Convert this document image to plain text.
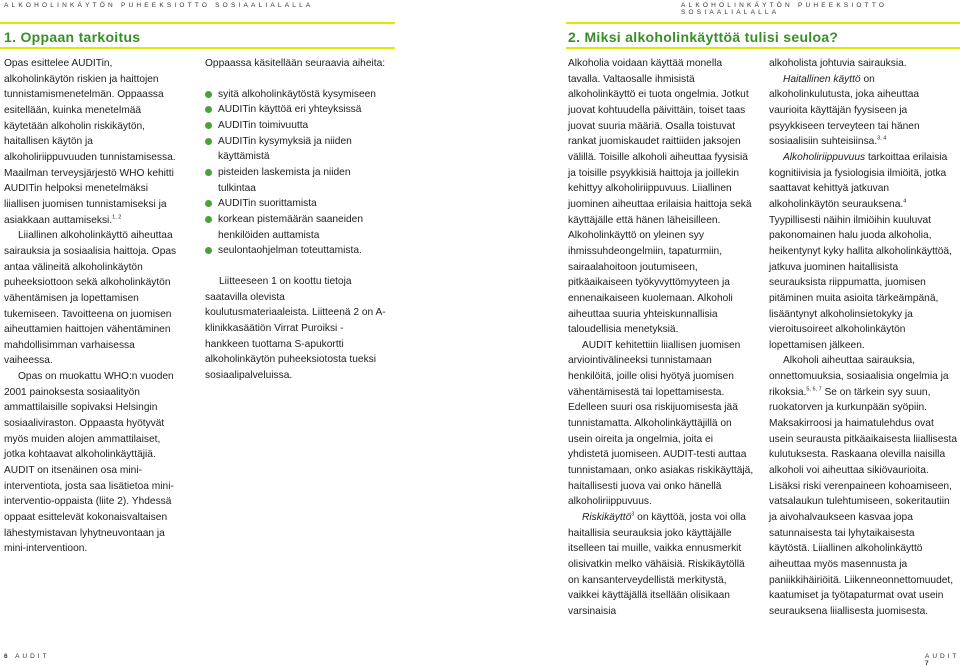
ALKOHOLINKÄYTÖN PUHEEKSIOTTO SOSIAALIALALLA	ALKOHOLINKÄYTÖN PUHEEKSIOTTO SOSIAALIALALLA
1. Oppaan tarkoitus	2. Miksi alkoholinkäyttöä tulisi seuloa?

Opas esittelee AUDITin, alkoholinkäytön riskien ja haittojen tunnistamismenetelmän. Oppaassa esitellään, kuinka menetelmää käytetään alkoholin riskikäytön, haitallisen käytön ja alkoholiriippuvuuden tunnistamisessa. Maailman terveysjärjestö WHO kehitti AUDITin helpoksi menetelmäksi liiallisen juomisen tunnistamiseksi ja asiakkaan auttamiseksi.$^{1, 2}$

Liiallinen alkoholinkäyttö aiheuttaa sairauksia ja sosiaalisia haittoja. Opas antaa välineitä alkoholinkäytön puheeksiottoon sekä alkoholinkäytön vähentämisen ja lopettamisen tukemiseen. Tavoitteena on juomisen aiheuttamien haittojen vähentäminen mahdollisimman varhaisessa vaiheessa.

Opas on muokattu WHO:n vuoden 2001 painoksesta sosiaalityön ammattilaisille sopivaksi Helsingin sosiaaliviraston. Oppaasta hyötyvät myös muiden alojen ammattilaiset, jotka kohtaavat alkoholinkäyttäjiä. AUDIT on itsenäinen osa mini-interventiota, josta saa lisätietoa mini-interventio-oppaista (liite 2). Yhdessä oppaat esittelevät kokonaisvaltaisen lähestymistavan lyhytneuvontaan ja mini-interventioon.

Oppaassa käsitellään seuraavia aiheita:

syitä alkoholinkäytöstä kysymiseen
AUDITin käyttöä eri yhteyksissä
AUDITin toimivuutta
AUDITin kysymyksiä ja niiden käyttämistä
pisteiden laskemista ja niiden tulkintaa
AUDITin suorittamista
korkean pistemäärän saaneiden henkilöiden auttamista
seulontaohjelman toteuttamista.

Liitteeseen 1 on koottu tietoja saatavilla olevista koulutusmateriaaleista. Liitteenä 2 on A-klinikkasäätiön Virrat Puroiksi -hankkeen tuottama S-apukortti alkoholinkäytön puheeksiotosta tueksi sosiaalipalveluissa.

Alkoholia voidaan käyttää monella tavalla. Valtaosalle ihmisistä alkoholinkäyttö ei tuota ongelmia. Jotkut juovat kohtuudella päivittäin, toiset taas juovat suuria määriä. Osalla toistuvat rankat juomiskaudet raittiiden jaksojen välillä. Toisille alkoholi aiheuttaa fyysisiä ja toisille psyykkisiä haittoja ja joillekin kehittyy alkoholiriippuvuus. Liiallinen juominen aiheuttaa erilaisia haittoja sekä käyttäjälle että hänen läheisilleen. Alkoholinkäyttö on yleinen syy ihmissuhdeongelmiin, tapaturmiin, sairaalahoitoon joutumiseen, pitkäaikaiseen työkyvyttömyyteen ja ennenaikaiseen kuolemaan. Alkoholi aiheuttaa suuria yhteiskunnallisia taloudellisia menetyksiä.

AUDIT kehitettiin liiallisen juomisen arviointivälineeksi tunnistamaan henkilöitä, joille olisi hyötyä juomisen vähentämisestä tai lopettamisesta. Edelleen suuri osa riskijuomisesta jää tunnistamatta. Alkoholinkäyttäjillä on usein oireita ja ongelmia, joita ei yhdistetä juomiseen. AUDIT-testi auttaa tunnistamaan, onko asiakas riskikäyttäjä, haitallisesti juova vai onko hänellä alkoholiriippuvuus.

Riskikäyttö$^3$ on käyttöä, josta voi olla haitallisia seurauksia joko käyttäjälle itselleen tai muille, vaikka ennusmerkit olisivatkin melko vähäisiä. Riskikäytöllä on kansanterveydellistä merkitystä, vaikkei käyttäjällä itsellään olisikaan varsinaisia

alkoholista johtuvia sairauksia.

Haitallinen käyttö on alkoholinkulutusta, joka aiheuttaa vaurioita käyttäjän fyysiseen ja psyykkiseen terveyteen tai hänen sosiaalisiin suhteisiinsa.$^{3, 4}$

Alkoholiriippuvuus tarkoittaa erilaisia kognitiivisia ja fysiologisia ilmiöitä, jotka saattavat kehittyä jatkuvan alkoholinkäytön seurauksena.$^4$ Tyypillisesti näihin ilmiöihin kuuluvat pakonomainen halu juoda alkoholia, heikentynyt kyky hallita alkoholinkäyttöä, jatkuva juominen haitallisista seurauksista riippumatta, juomisen pitäminen muita asioita tärkeämpänä, lisääntynyt alkoholinsietokyky ja vieroitusoireet alkoholinkäytön lopettamisen jälkeen.

Alkoholi aiheuttaa sairauksia, onnettomuuksia, sosiaalisia ongelmia ja rikoksia.$^{5, 6, 7}$ Se on tärkein syy suun, ruokatorven ja kurkunpään syöpiin. Maksakirroosi ja haimatulehdus ovat usein seurausta pitkäaikaisesta liiallisesta kulutuksesta. Raskaana olevilla naisilla alkoholi voi aiheuttaa sikiövaurioita. Lisäksi riski verenpaineen kohoamiseen, vatsalaukun tulehtumiseen, sokeritautiin ja aivohalvaukseen kasvaa jopa satunnaisesta tai lyhytaikaisesta käytöstä. Liiallinen alkoholinkäyttö aiheuttaa myös masennusta ja paniikkihäiriöitä. Liikenneonnettomuudet, kaatumiset ja työtapaturmat ovat usein seurauksena liiallisesta juomisesta.

6 AUDIT	AUDIT 7
